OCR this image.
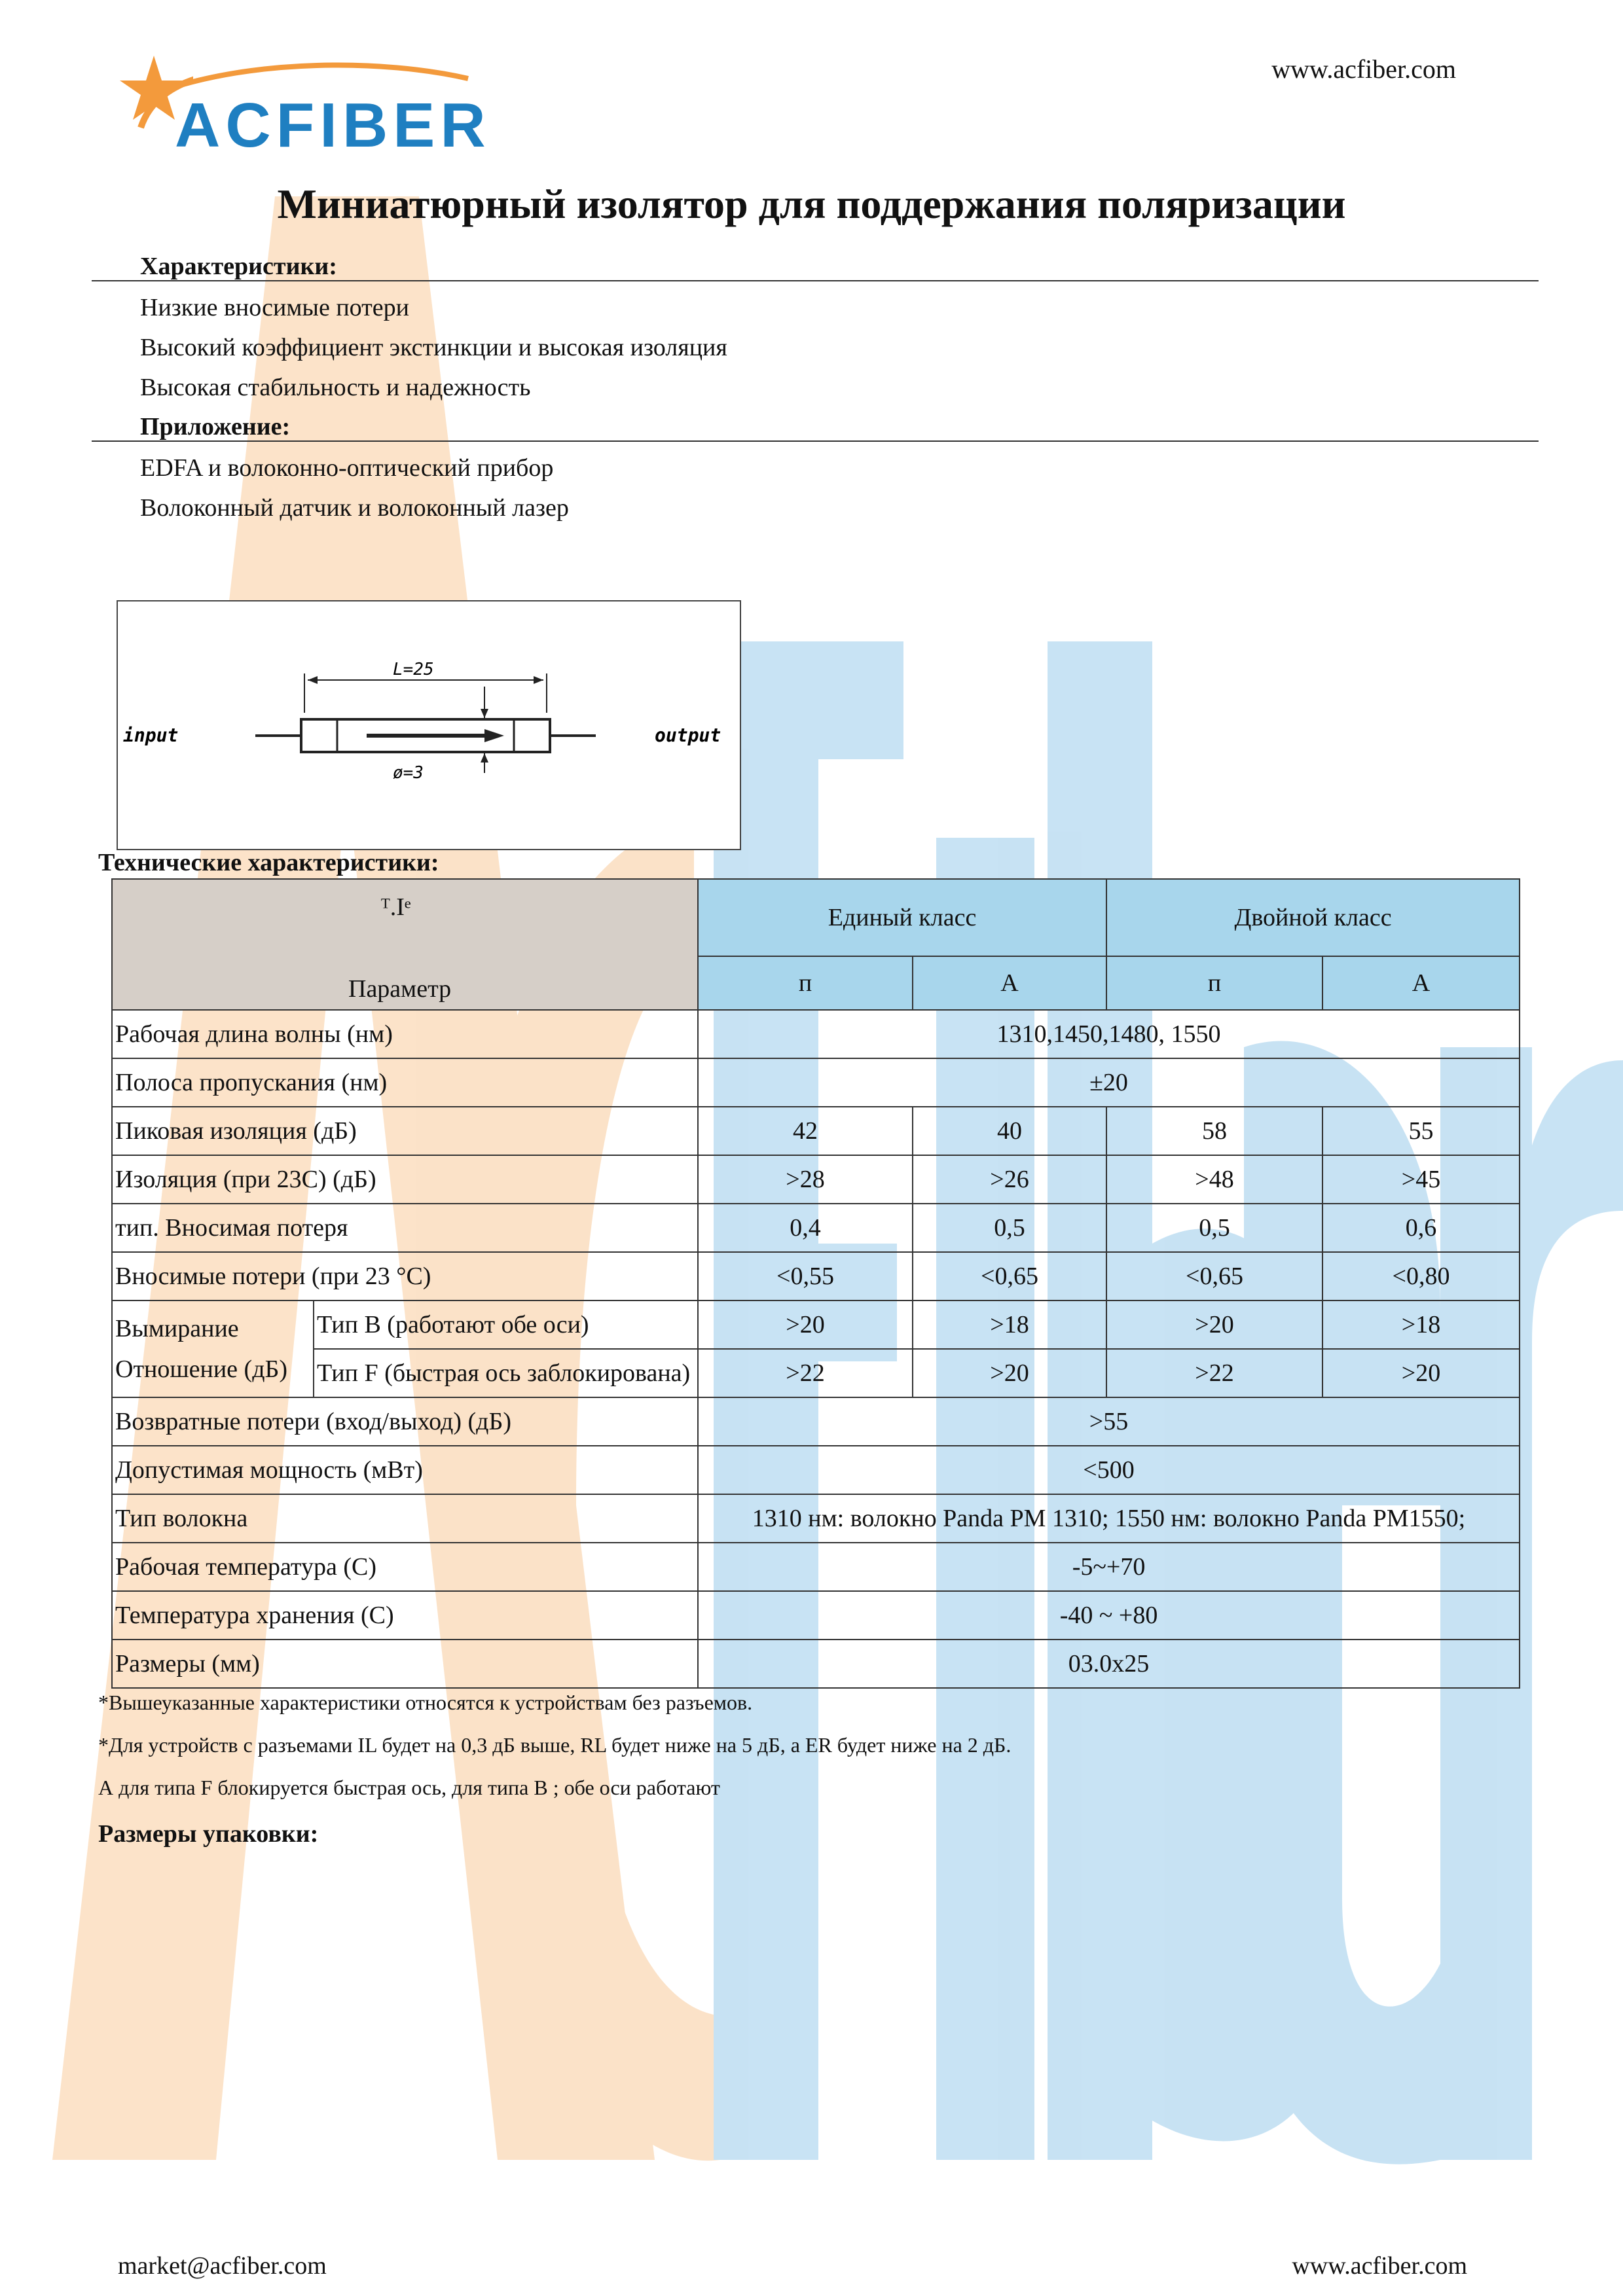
ACFIBER
www.acfiber.com
Миниатюрный изолятор для поддержания поляризации
Характеристики:
Низкие вносимые потери
Высокий коэффициент экстинкции и высокая изоляция
Высокая стабильность и надежность
Приложение:
EDFA и волоконно-оптический прибор
Волоконный датчик и волоконный лазер
ø=3
L=25
input	output
Технические характеристики:
ᵀ.Iᵉ
Параметр		Единый класс		Двойной класс	
		п	А	п	А
Рабочая длина волны (нм)		1310,1450,1480, 1550			
Полоса пропускания (нм)		±20			
Пиковая изоляция (дБ)		42	40	58	55
Изоляция (при 23С) (дБ)		>28	>26	>48	>45
тип. Вносимая потеря		0,4	0,5	0,5	0,6
Вносимые потери (при 23 °C)		<0,55	<0,65	<0,65	<0,80

Вымирание
Отношение (дБ)	Тип B (работают обе оси)	>20	>18	>20	>18
	Тип F (быстрая ось заблокирована)	>22	>20	>22	>20
Возвратные потери (вход/выход) (дБ)		>55			
Допустимая мощность (мВт)		<500			
Тип волокна		1310 нм: волокно Panda PM 1310; 1550 нм: волокно Panda PM1550;			
Рабочая температура (C)		-5~+70			
Температура хранения (C)		-40 ~ +80			
Размеры (мм)		03.0x25			
*Вышеуказанные характеристики относятся к устройствам без разъемов.
*Для устройств с разъемами IL будет на 0,3 дБ выше, RL будет ниже на 5 дБ, а ER будет ниже на 2 дБ.
А для типа F блокируется быстрая ось, для типа В ; обе оси работают
Размеры упаковки:
market@acfiber.com	www.acfiber.com
